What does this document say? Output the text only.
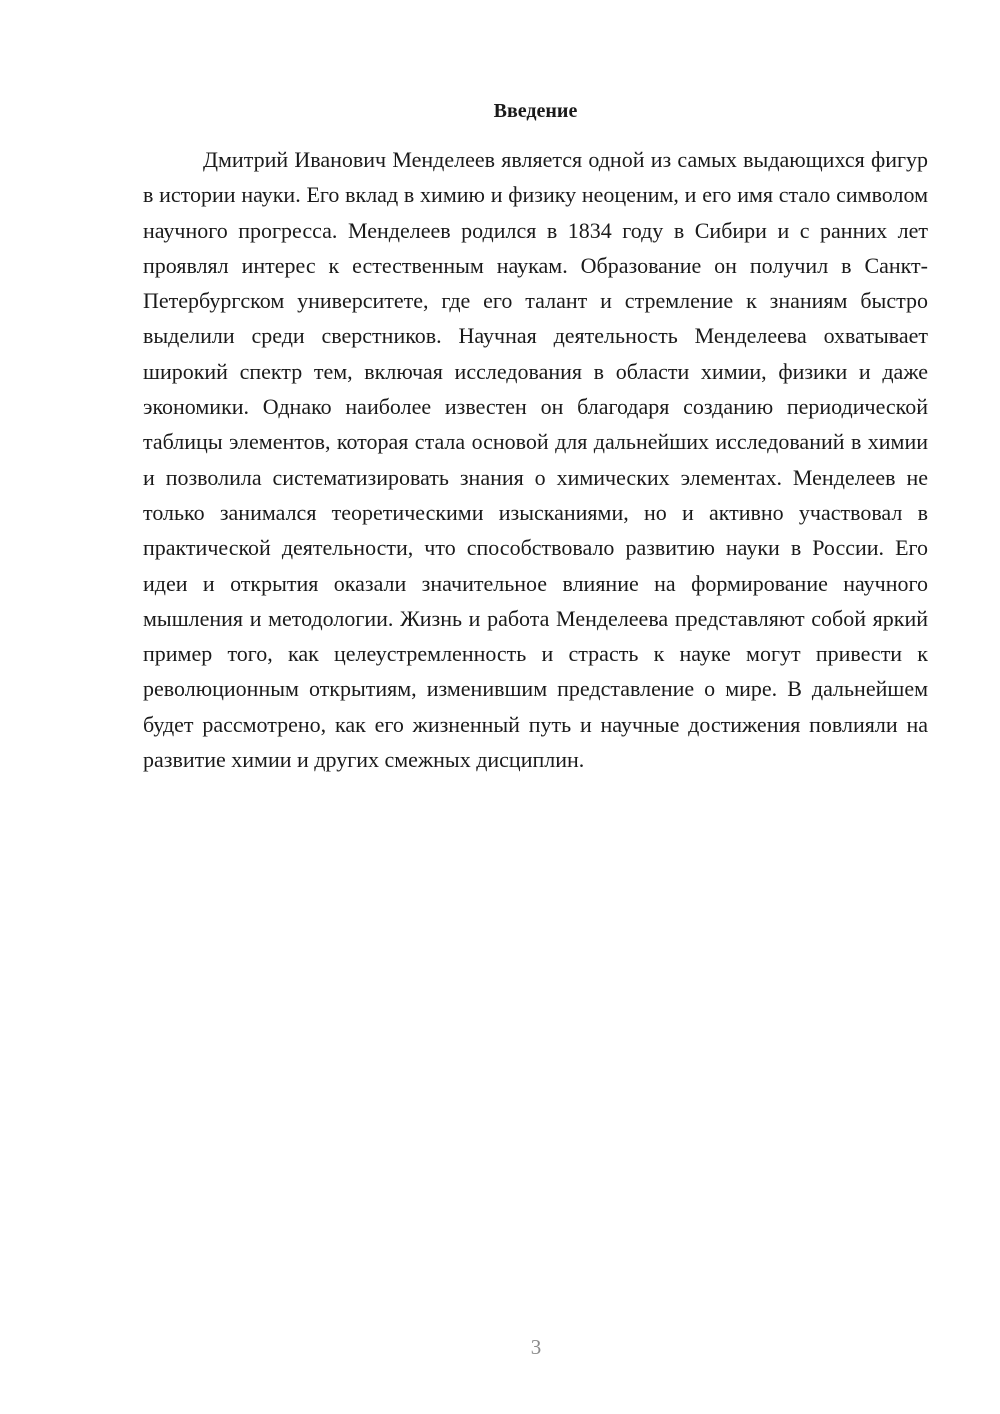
Введение

Дмитрий Иванович Менделеев является одной из самых выдающихся фигур в истории науки. Его вклад в химию и физику неоценим, и его имя стало символом научного прогресса. Менделеев родился в 1834 году в Сибири и с ранних лет проявлял интерес к естественным наукам. Образование он получил в Санкт-Петербургском университете, где его талант и стремление к знаниям быстро выделили среди сверстников. Научная деятельность Менделеева охватывает широкий спектр тем, включая исследования в области химии, физики и даже экономики. Однако наиболее известен он благодаря созданию периодической таблицы элементов, которая стала основой для дальнейших исследований в химии и позволила систематизировать знания о химических элементах. Менделеев не только занимался теоретическими изысканиями, но и активно участвовал в практической деятельности, что способствовало развитию науки в России. Его идеи и открытия оказали значительное влияние на формирование научного мышления и методологии. Жизнь и работа Менделеева представляют собой яркий пример того, как целеустремленность и страсть к науке могут привести к революционным открытиям, изменившим представление о мире. В дальнейшем будет рассмотрено, как его жизненный путь и научные достижения повлияли на развитие химии и других смежных дисциплин.

3
